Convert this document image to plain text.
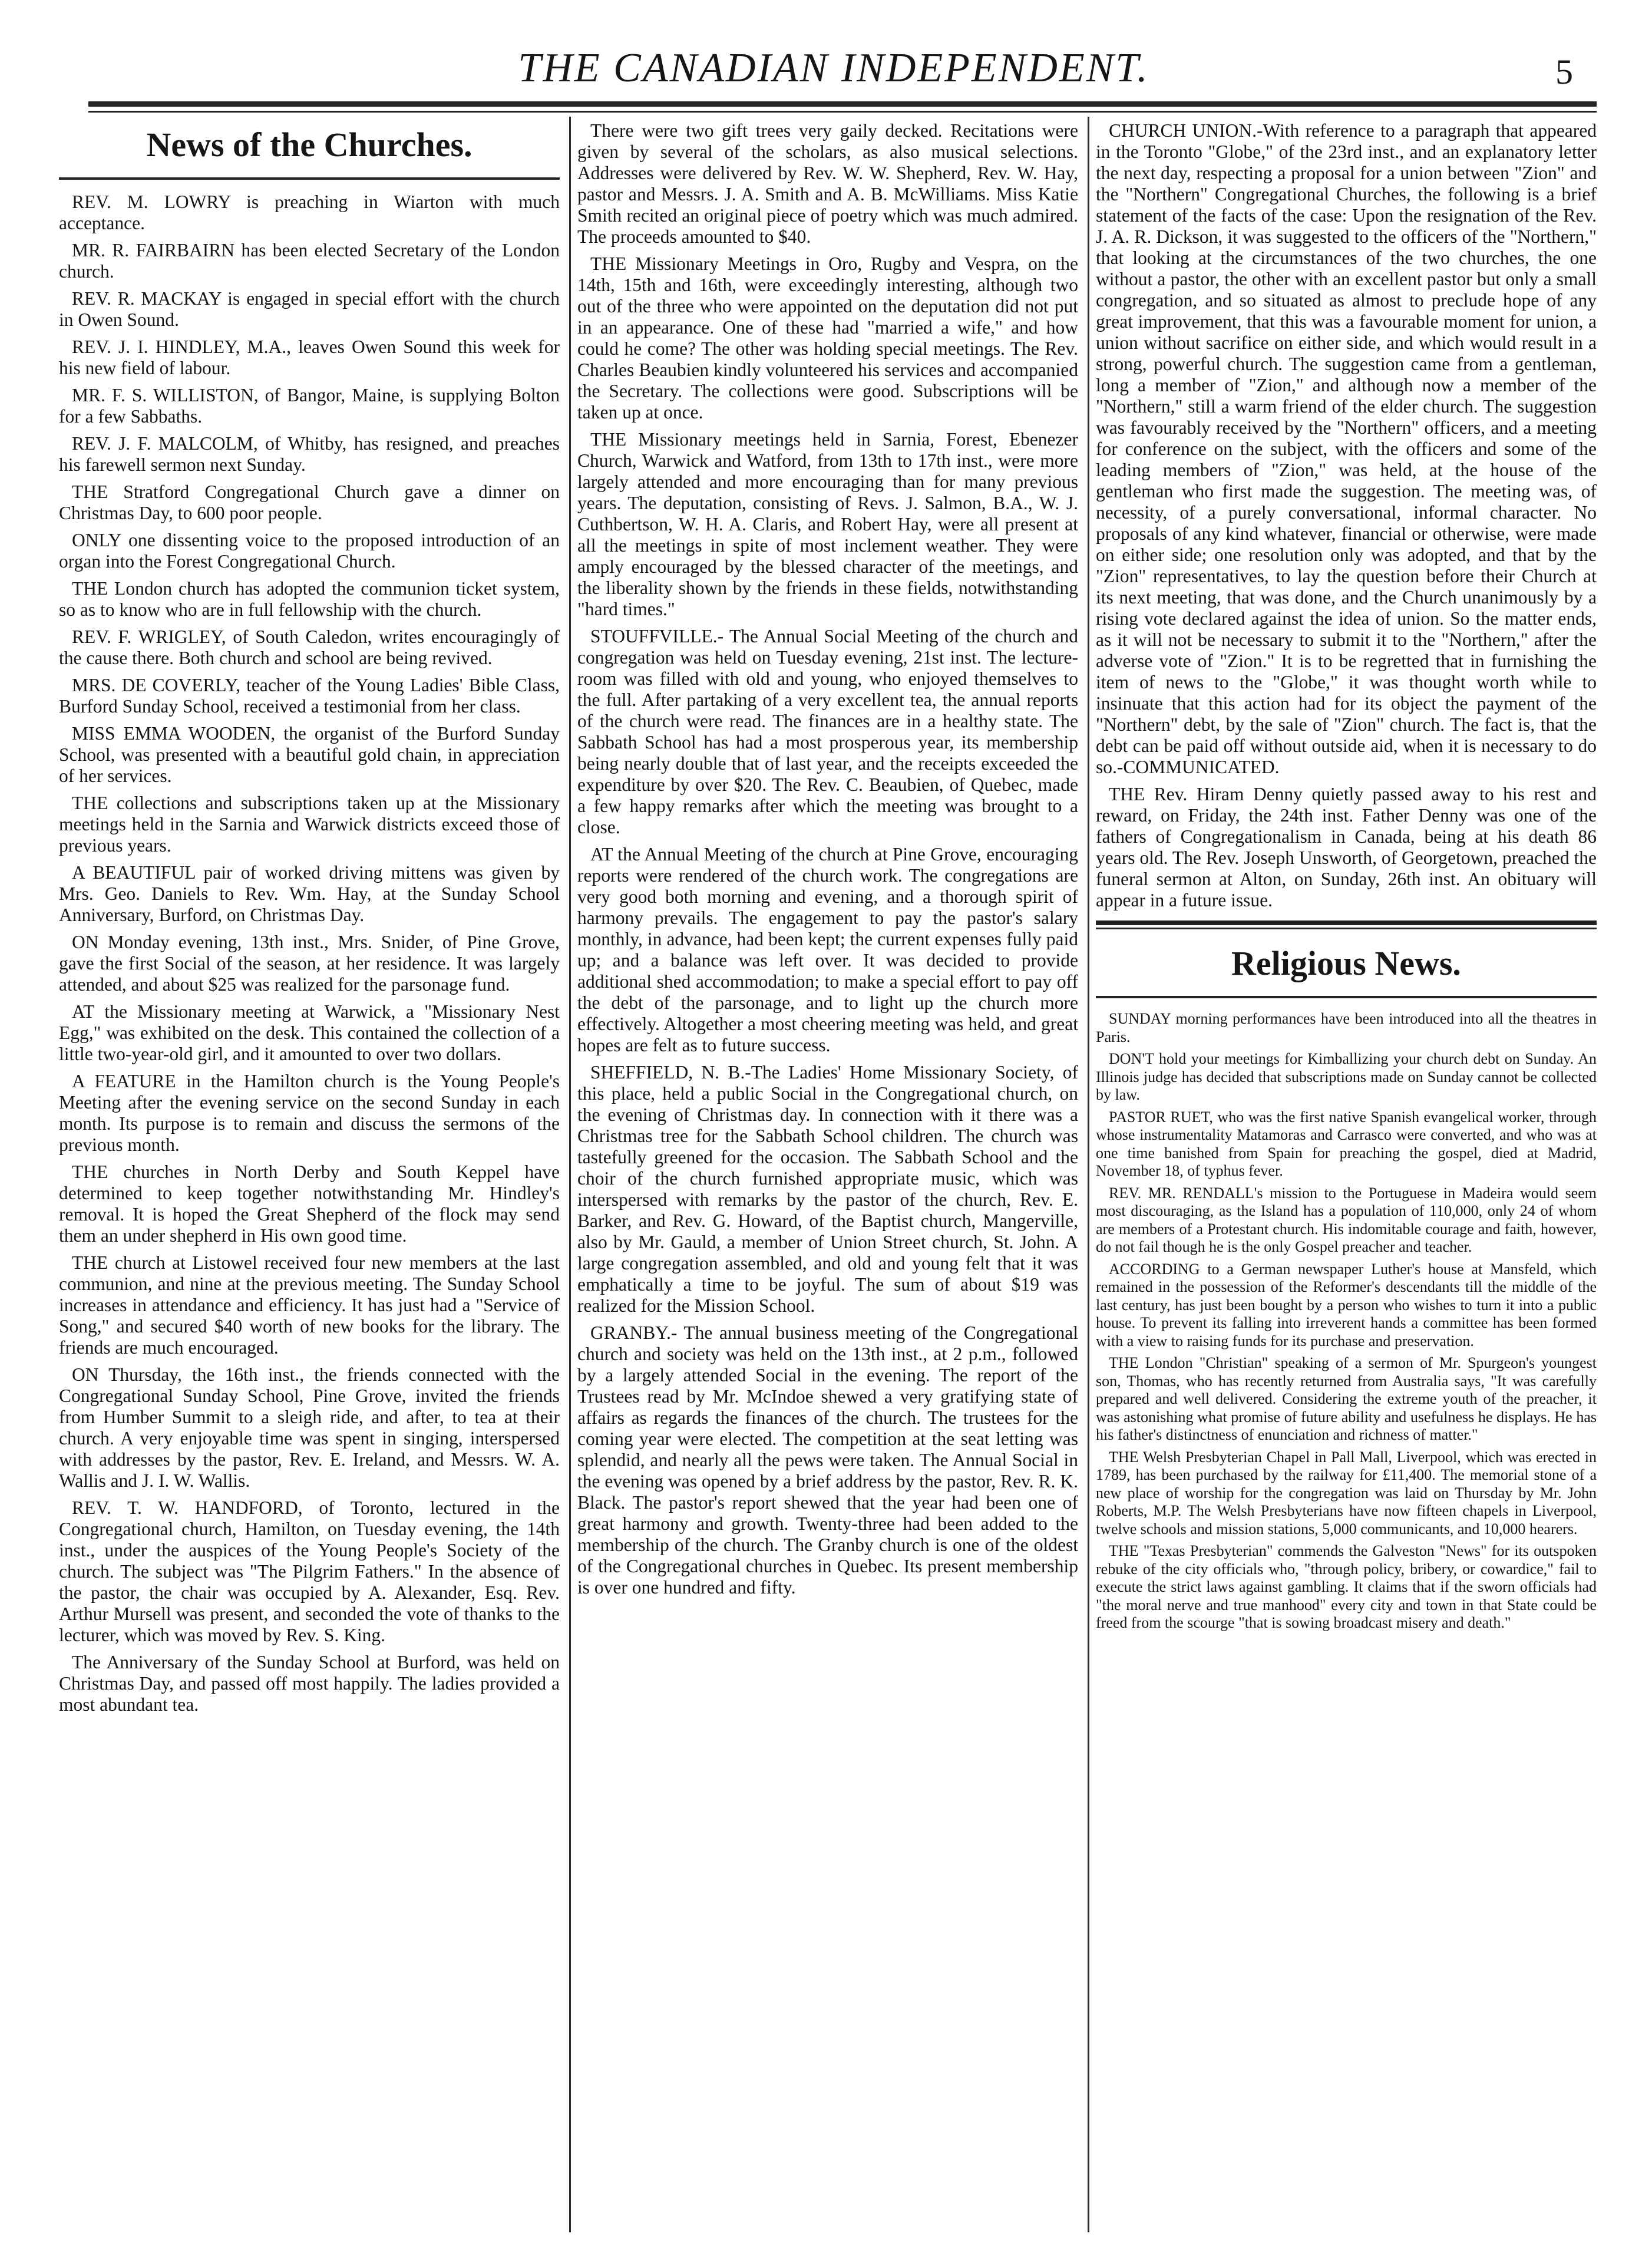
THE CANADIAN INDEPENDENT.	5
News of the Churches.

REV. M. LOWRY is preaching in Wiarton with much acceptance.

MR. R. FAIRBAIRN has been elected Secretary of the London church.

REV. R. MACKAY is engaged in special effort with the church in Owen Sound.

REV. J. I. HINDLEY, M.A., leaves Owen Sound this week for his new field of labour.

MR. F. S. WILLISTON, of Bangor, Maine, is supplying Bolton for a few Sabbaths.

REV. J. F. MALCOLM, of Whitby, has resigned, and preaches his farewell sermon next Sunday.

THE Stratford Congregational Church gave a dinner on Christmas Day, to 600 poor people.

ONLY one dissenting voice to the proposed introduction of an organ into the Forest Congregational Church.

THE London church has adopted the communion ticket system, so as to know who are in full fellowship with the church.

REV. F. WRIGLEY, of South Caledon, writes encouragingly of the cause there. Both church and school are being revived.

MRS. DE COVERLY, teacher of the Young Ladies' Bible Class, Burford Sunday School, received a testimonial from her class.

MISS EMMA WOODEN, the organist of the Burford Sunday School, was presented with a beautiful gold chain, in appreciation of her services.

THE collections and subscriptions taken up at the Missionary meetings held in the Sarnia and Warwick districts exceed those of previous years.

A BEAUTIFUL pair of worked driving mittens was given by Mrs. Geo. Daniels to Rev. Wm. Hay, at the Sunday School Anniversary, Burford, on Christmas Day.

ON Monday evening, 13th inst., Mrs. Snider, of Pine Grove, gave the first Social of the season, at her residence. It was largely attended, and about $25 was realized for the parsonage fund.

AT the Missionary meeting at Warwick, a "Missionary Nest Egg," was exhibited on the desk. This contained the collection of a little two-year-old girl, and it amounted to over two dollars.

A FEATURE in the Hamilton church is the Young People's Meeting after the evening service on the second Sunday in each month. Its purpose is to remain and discuss the sermons of the previous month.

THE churches in North Derby and South Keppel have determined to keep together notwithstanding Mr. Hindley's removal. It is hoped the Great Shepherd of the flock may send them an under shepherd in His own good time.

THE church at Listowel received four new members at the last communion, and nine at the previous meeting. The Sunday School increases in attendance and efficiency. It has just had a "Service of Song," and secured $40 worth of new books for the library. The friends are much encouraged.

ON Thursday, the 16th inst., the friends connected with the Congregational Sunday School, Pine Grove, invited the friends from Humber Summit to a sleigh ride, and after, to tea at their church. A very enjoyable time was spent in singing, interspersed with addresses by the pastor, Rev. E. Ireland, and Messrs. W. A. Wallis and J. I. W. Wallis.

REV. T. W. HANDFORD, of Toronto, lectured in the Congregational church, Hamilton, on Tuesday evening, the 14th inst., under the auspices of the Young People's Society of the church. The subject was "The Pilgrim Fathers." In the absence of the pastor, the chair was occupied by A. Alexander, Esq. Rev. Arthur Mursell was present, and seconded the vote of thanks to the lecturer, which was moved by Rev. S. King.

The Anniversary of the Sunday School at Burford, was held on Christmas Day, and passed off most happily. The ladies provided a most abundant tea.

There were two gift trees very gaily decked. Recitations were given by several of the scholars, as also musical selections. Addresses were delivered by Rev. W. W. Shepherd, Rev. W. Hay, pastor and Messrs. J. A. Smith and A. B. McWilliams. Miss Katie Smith recited an original piece of poetry which was much admired. The proceeds amounted to $40.

THE Missionary Meetings in Oro, Rugby and Vespra, on the 14th, 15th and 16th, were exceedingly interesting, although two out of the three who were appointed on the deputation did not put in an appearance. One of these had "married a wife," and how could he come? The other was holding special meetings. The Rev. Charles Beaubien kindly volunteered his services and accompanied the Secretary. The collections were good. Subscriptions will be taken up at once.

THE Missionary meetings held in Sarnia, Forest, Ebenezer Church, Warwick and Watford, from 13th to 17th inst., were more largely attended and more encouraging than for many previous years. The deputation, consisting of Revs. J. Salmon, B.A., W. J. Cuthbertson, W. H. A. Claris, and Robert Hay, were all present at all the meetings in spite of most inclement weather. They were amply encouraged by the blessed character of the meetings, and the liberality shown by the friends in these fields, notwithstanding "hard times."

STOUFFVILLE.- The Annual Social Meeting of the church and congregation was held on Tuesday evening, 21st inst. The lecture-room was filled with old and young, who enjoyed themselves to the full. After partaking of a very excellent tea, the annual reports of the church were read. The finances are in a healthy state. The Sabbath School has had a most prosperous year, its membership being nearly double that of last year, and the receipts exceeded the expenditure by over $20. The Rev. C. Beaubien, of Quebec, made a few happy remarks after which the meeting was brought to a close.

AT the Annual Meeting of the church at Pine Grove, encouraging reports were rendered of the church work. The congregations are very good both morning and evening, and a thorough spirit of harmony prevails. The engagement to pay the pastor's salary monthly, in advance, had been kept; the current expenses fully paid up; and a balance was left over. It was decided to provide additional shed accommodation; to make a special effort to pay off the debt of the parsonage, and to light up the church more effectively. Altogether a most cheering meeting was held, and great hopes are felt as to future success.

SHEFFIELD, N. B.-The Ladies' Home Missionary Society, of this place, held a public Social in the Congregational church, on the evening of Christmas day. In connection with it there was a Christmas tree for the Sabbath School children. The church was tastefully greened for the occasion. The Sabbath School and the choir of the church furnished appropriate music, which was interspersed with remarks by the pastor of the church, Rev. E. Barker, and Rev. G. Howard, of the Baptist church, Mangerville, also by Mr. Gauld, a member of Union Street church, St. John. A large congregation assembled, and old and young felt that it was emphatically a time to be joyful. The sum of about $19 was realized for the Mission School.

GRANBY.- The annual business meeting of the Congregational church and society was held on the 13th inst., at 2 p.m., followed by a largely attended Social in the evening. The report of the Trustees read by Mr. McIndoe shewed a very gratifying state of affairs as regards the finances of the church. The trustees for the coming year were elected. The competition at the seat letting was splendid, and nearly all the pews were taken. The Annual Social in the evening was opened by a brief address by the pastor, Rev. R. K. Black. The pastor's report shewed that the year had been one of great harmony and growth. Twenty-three had been added to the membership of the church. The Granby church is one of the oldest of the Congregational churches in Quebec. Its present membership is over one hundred and fifty.

CHURCH UNION.-With reference to a paragraph that appeared in the Toronto "Globe," of the 23rd inst., and an explanatory letter the next day, respecting a proposal for a union between "Zion" and the "Northern" Congregational Churches, the following is a brief statement of the facts of the case: Upon the resignation of the Rev. J. A. R. Dickson, it was suggested to the officers of the "Northern," that looking at the circumstances of the two churches, the one without a pastor, the other with an excellent pastor but only a small congregation, and so situated as almost to preclude hope of any great improvement, that this was a favourable moment for union, a union without sacrifice on either side, and which would result in a strong, powerful church. The suggestion came from a gentleman, long a member of "Zion," and although now a member of the "Northern," still a warm friend of the elder church. The suggestion was favourably received by the "Northern" officers, and a meeting for conference on the subject, with the officers and some of the leading members of "Zion," was held, at the house of the gentleman who first made the suggestion. The meeting was, of necessity, of a purely conversational, informal character. No proposals of any kind whatever, financial or otherwise, were made on either side; one resolution only was adopted, and that by the "Zion" representatives, to lay the question before their Church at its next meeting, that was done, and the Church unanimously by a rising vote declared against the idea of union. So the matter ends, as it will not be necessary to submit it to the "Northern," after the adverse vote of "Zion." It is to be regretted that in furnishing the item of news to the "Globe," it was thought worth while to insinuate that this action had for its object the payment of the "Northern" debt, by the sale of "Zion" church. The fact is, that the debt can be paid off without outside aid, when it is necessary to do so.-COMMUNICATED.

THE Rev. Hiram Denny quietly passed away to his rest and reward, on Friday, the 24th inst. Father Denny was one of the fathers of Congregationalism in Canada, being at his death 86 years old. The Rev. Joseph Unsworth, of Georgetown, preached the funeral sermon at Alton, on Sunday, 26th inst. An obituary will appear in a future issue.

Religious News.

SUNDAY morning performances have been introduced into all the theatres in Paris.

DON'T hold your meetings for Kimballizing your church debt on Sunday. An Illinois judge has decided that subscriptions made on Sunday cannot be collected by law.

PASTOR RUET, who was the first native Spanish evangelical worker, through whose instrumentality Matamoras and Carrasco were converted, and who was at one time banished from Spain for preaching the gospel, died at Madrid, November 18, of typhus fever.

REV. MR. RENDALL's mission to the Portuguese in Madeira would seem most discouraging, as the Island has a population of 110,000, only 24 of whom are members of a Protestant church. His indomitable courage and faith, however, do not fail though he is the only Gospel preacher and teacher.

ACCORDING to a German newspaper Luther's house at Mansfeld, which remained in the possession of the Reformer's descendants till the middle of the last century, has just been bought by a person who wishes to turn it into a public house. To prevent its falling into irreverent hands a committee has been formed with a view to raising funds for its purchase and preservation.

THE London "Christian" speaking of a sermon of Mr. Spurgeon's youngest son, Thomas, who has recently returned from Australia says, "It was carefully prepared and well delivered. Considering the extreme youth of the preacher, it was astonishing what promise of future ability and usefulness he displays. He has his father's distinctness of enunciation and richness of matter."

THE Welsh Presbyterian Chapel in Pall Mall, Liverpool, which was erected in 1789, has been purchased by the railway for £11,400. The memorial stone of a new place of worship for the congregation was laid on Thursday by Mr. John Roberts, M.P. The Welsh Presbyterians have now fifteen chapels in Liverpool, twelve schools and mission stations, 5,000 communicants, and 10,000 hearers.

THE "Texas Presbyterian" commends the Galveston "News" for its outspoken rebuke of the city officials who, "through policy, bribery, or cowardice," fail to execute the strict laws against gambling. It claims that if the sworn officials had "the moral nerve and true manhood" every city and town in that State could be freed from the scourge "that is sowing broadcast misery and death."
